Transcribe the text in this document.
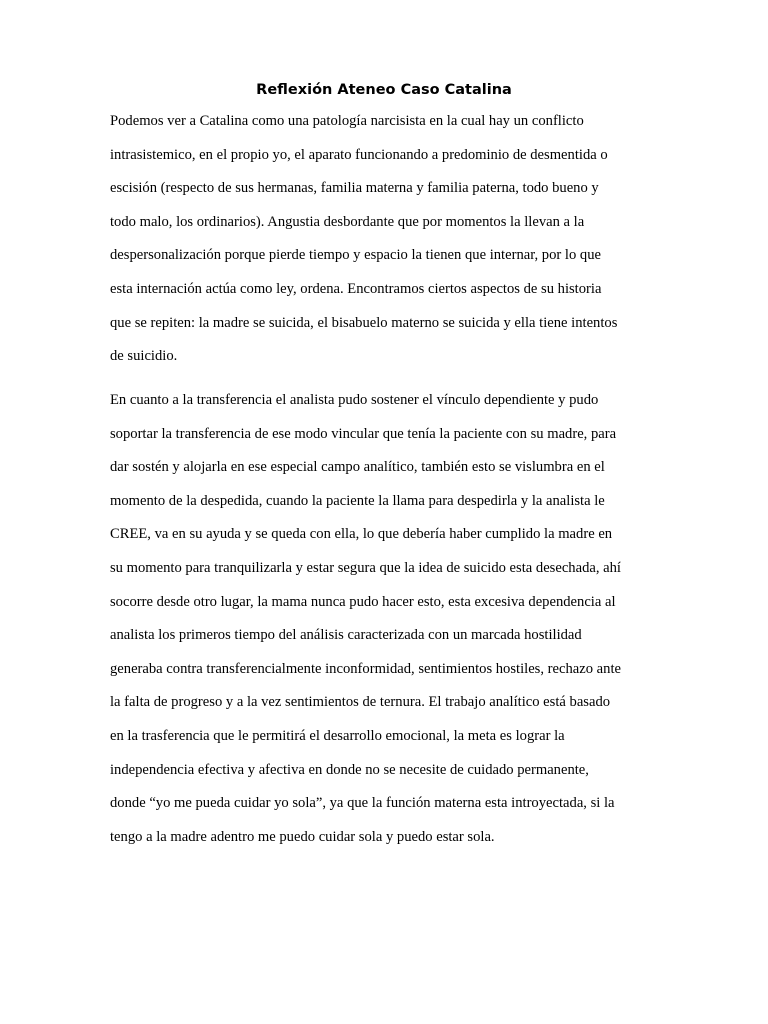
Reflexión Ateneo Caso Catalina
Podemos ver a Catalina como una patología narcisista en la cual hay un conflicto
intrasistemico, en el propio yo, el aparato funcionando a predominio de desmentida o
escisión (respecto de sus hermanas, familia materna y familia paterna, todo bueno y
todo malo, los ordinarios). Angustia desbordante que por momentos la llevan a la
despersonalización porque pierde tiempo y espacio la tienen que internar, por lo que
esta internación actúa como ley, ordena. Encontramos ciertos aspectos de su historia
que se repiten: la madre se suicida, el bisabuelo materno se suicida y ella tiene intentos
de suicidio.
En cuanto a la transferencia el analista pudo sostener el vínculo dependiente y pudo
soportar la transferencia de ese modo vincular que tenía la paciente con su madre, para
dar sostén y alojarla en ese especial campo analítico, también esto se vislumbra en el
momento de la despedida, cuando la paciente la llama para despedirla y la analista le
CREE, va en su ayuda y se queda con ella, lo que debería haber cumplido la madre en
su momento para tranquilizarla y estar segura que la idea de suicido esta desechada, ahí
socorre desde otro lugar, la mama nunca pudo hacer esto, esta excesiva dependencia al
analista los primeros tiempo del análisis caracterizada con un marcada hostilidad
generaba contra transferencialmente inconformidad, sentimientos hostiles, rechazo ante
la falta de progreso y a la vez sentimientos de ternura. El trabajo analítico está basado
en la trasferencia que le permitirá el desarrollo emocional, la meta es lograr la
independencia efectiva y afectiva en donde no se necesite de cuidado permanente,
donde “yo me pueda cuidar yo sola”, ya que la función materna esta introyectada, si la
tengo a la madre adentro me puedo cuidar sola y puedo estar sola.
